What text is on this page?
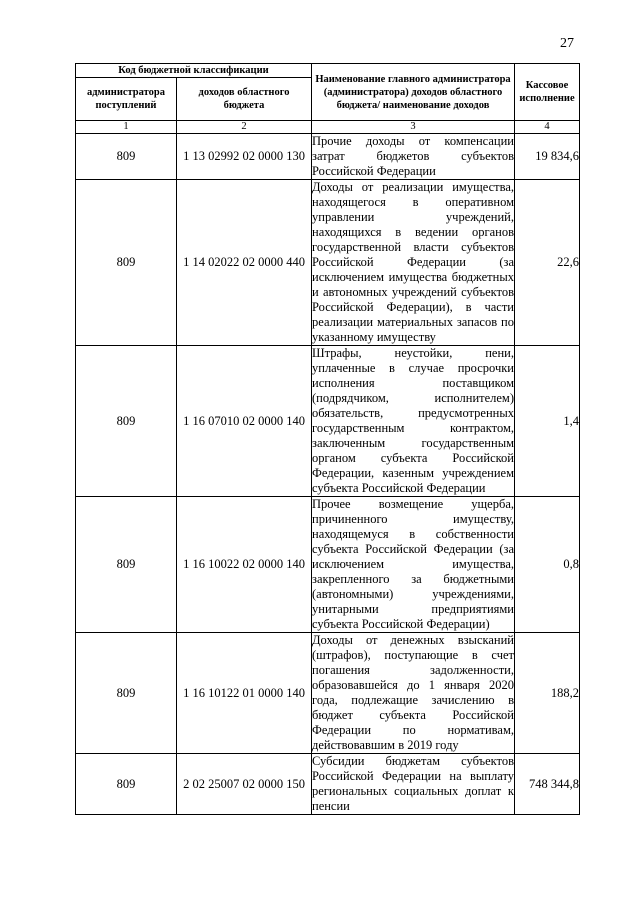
27
Код бюджетной классификации		Наименование главного администратора (администратора) доходов областного бюджета/ наименование доходов	Кассовое исполнение
администратора поступлений	доходов областного бюджета		
1	2	3	4
809	1 13 02992 02 0000 130	Прочие доходы от компенсации затрат бюджетов субъектов Российской Федерации	19 834,6
809	1 14 02022 02 0000 440	Доходы от реализации имущества, находящегося в оперативном управлении учреждений, находящихся в ведении органов государственной власти субъектов Российской Федерации (за исключением имущества бюджетных и автономных учреждений субъектов Российской Федерации), в части реализации материальных запасов по указанному имуществу	22,6
809	1 16 07010 02 0000 140	Штрафы, неустойки, пени, уплаченные в случае просрочки исполнения поставщиком (подрядчиком, исполнителем) обязательств, предусмотренных государственным контрактом, заключенным государственным органом субъекта Российской Федерации, казенным учреждением субъекта Российской Федерации	1,4
809	1 16 10022 02 0000 140	Прочее возмещение ущерба, причиненного имуществу, находящемуся в собственности субъекта Российской Федерации (за исключением имущества, закрепленного за бюджетными (автономными) учреждениями, унитарными предприятиями субъекта Российской Федерации)	0,8
809	1 16 10122 01 0000 140	Доходы от денежных взысканий (штрафов), поступающие в счет погашения задолженности, образовавшейся до 1 января 2020 года, подлежащие зачислению в бюджет субъекта Российской Федерации по нормативам, действовавшим в 2019 году	188,2
809	2 02 25007 02 0000 150	Субсидии бюджетам субъектов Российской Федерации на выплату региональных социальных доплат к пенсии	748 344,8
